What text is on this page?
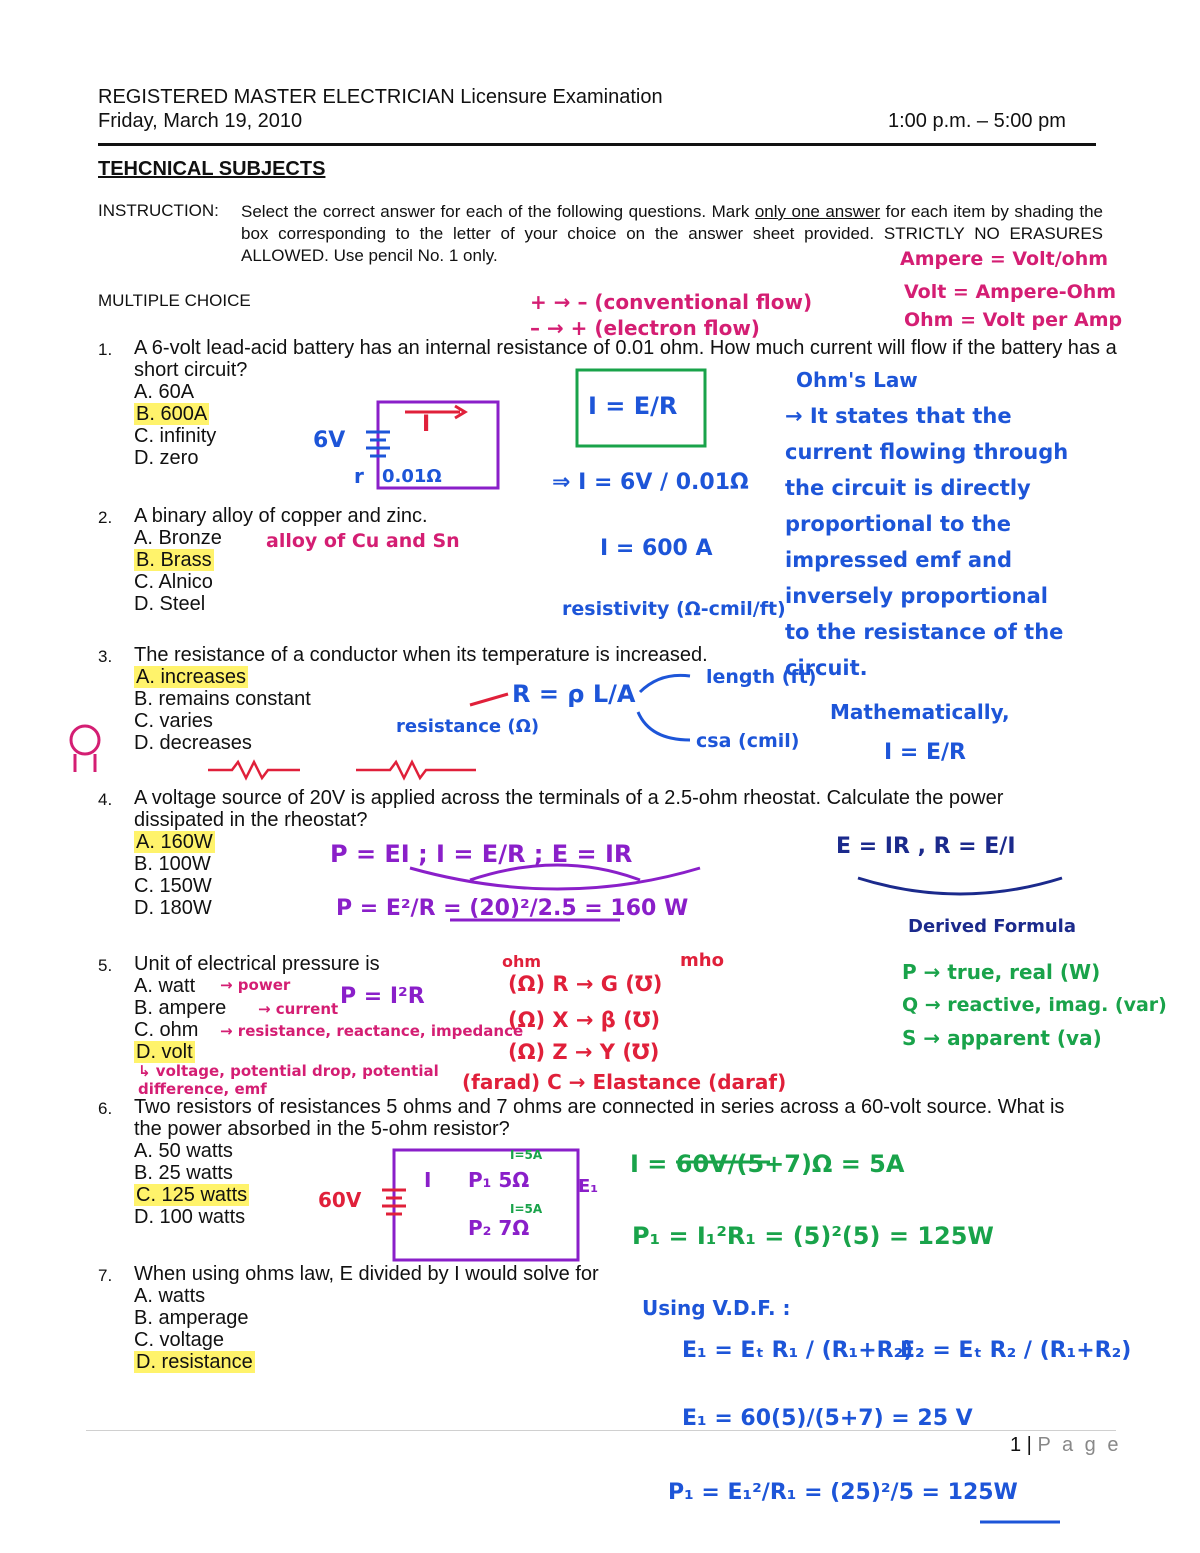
REGISTERED MASTER ELECTRICIAN Licensure Examination
Friday, March 19, 2010	1:00 p.m. – 5:00 pm
TEHCNICAL SUBJECTS
INSTRUCTION: Select the correct answer for each of the following questions. Mark only one answer for each item by shading the box corresponding to the letter of your choice on the answer sheet provided. STRICTLY NO ERASURES ALLOWED. Use pencil No. 1 only.
MULTIPLE CHOICE
1. A 6-volt lead-acid battery has an internal resistance of 0.01 ohm. How much current will flow if the battery has a short circuit?
A. 60A
B. 600A
C. infinity
D. zero
2. A binary alloy of copper and zinc.
A. Bronze
B. Brass
C. Alnico
D. Steel
3. The resistance of a conductor when its temperature is increased.
A. increases
B. remains constant
C. varies
D. decreases
4. A voltage source of 20V is applied across the terminals of a 2.5-ohm rheostat. Calculate the power dissipated in the rheostat?
A. 160W
B. 100W
C. 150W
D. 180W
5. Unit of electrical pressure is
A. watt
B. ampere
C. ohm
D. volt
6. Two resistors of resistances 5 ohms and 7 ohms are connected in series across a 60-volt source. What is the power absorbed in the 5-ohm resistor?
A. 50 watts
B. 25 watts
C. 125 watts
D. 100 watts
7. When using ohms law, E divided by I would solve for
A. watts
B. amperage
C. voltage
D. resistance
1 | P a g e
Ampere = Volt/ohm
Volt = Ampere-Ohm
Ohm = Volt per Amp
+ → – (conventional flow)
– → + (electron flow)
6V
r 0.01Ω
I
I = E/R
⇒ I = 6V / 0.01Ω
I = 600 A
Ohm's Law
→ It states that the
current flowing through
the circuit is directly
proportional to the
impressed emf and
inversely proportional
to the resistance of the
circuit.
Mathematically,
I = E/R
alloy of Cu and Sn
resistivity (Ω-cmil/ft)
R = ρ L/A
length (ft)
csa (cmil)
resistance (Ω)
P = EI ; I = E/R ; E = IR
P = E²/R = (20)²/2.5 = 160 W
E = IR , R = E/I
Derived Formula
P → true, real (W)
Q → reactive, imag. (var)
S → apparent (va)
ohm	mho
(Ω) R → G (Ʊ)
(Ω) X → β (Ʊ)
(Ω) Z → Y (Ʊ)
(farad) C → Elastance (daraf)
→ power
→ current
→ resistance, reactance, impedance
↳ voltage, potential drop, potential difference, emf
P = I²R
60V
I P₁ 5Ω
P₂ 7Ω
E₁
I=5A
I=5A
I = 60V/(5+7)Ω = 5A
P₁ = I₁²R₁ = (5)²(5) = 125W
Using V.D.F. :
E₁ = Eₜ R₁ / (R₁+R₂)
E₂ = Eₜ R₂ / (R₁+R₂)
E₁ = 60(5)/(5+7) = 25 V
P₁ = E₁²/R₁ = (25)²/5 = 125W
